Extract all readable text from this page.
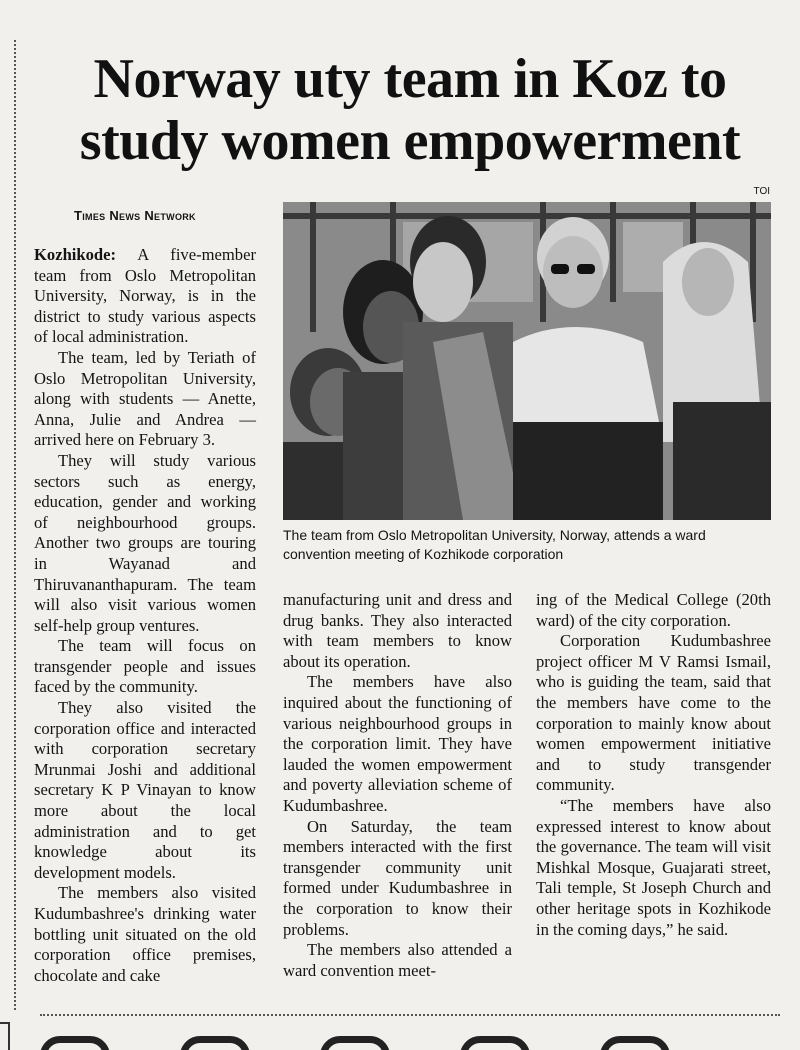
Norway uty team in Koz to study women empowerment
TOI
Times News Network
The team from Oslo Metropolitan University, Norway, attends a ward convention meeting of Kozhikode corporation

Kozhikode: A five-member team from Oslo Metropolitan University, Norway, is in the district to study various aspects of local administration.

The team, led by Teriath of Oslo Metropolitan University, along with students — Anette, Anna, Julie and Andrea — arrived here on February 3.

They will study various sectors such as energy, education, gender and working of neighbourhood groups. Another two groups are touring in Wayanad and Thiruvananthapuram. The team will also visit various women self-help group ventures.

The team will focus on transgender people and issues faced by the community.

They also visited the corporation office and interacted with corporation secretary Mrunmai Joshi and additional secretary K P Vinayan to know more about the local administration and to get knowledge about its development models.

The members also visited Kudumbashree's drinking water bottling unit situated on the old corporation office premises, chocolate and cake

manufacturing unit and dress and drug banks. They also interacted with team members to know about its operation.

The members have also inquired about the functioning of various neighbourhood groups in the corporation limit. They have lauded the women empowerment and poverty alleviation scheme of Kudumbashree.

On Saturday, the team members interacted with the first transgender community unit formed under Kudumbashree in the corporation to know their problems.

The members also attended a ward convention meet-

ing of the Medical College (20th ward) of the city corporation.

Corporation Kudumbashree project officer M V Ramsi Ismail, who is guiding the team, said that the members have come to the corporation to mainly know about women empowerment initiative and to study transgender community.

“The members have also expressed interest to know about the governance. The team will visit Mishkal Mosque, Guajarati street, Tali temple, St Joseph Church and other heritage spots in Kozhikode in the coming days,” he said.
